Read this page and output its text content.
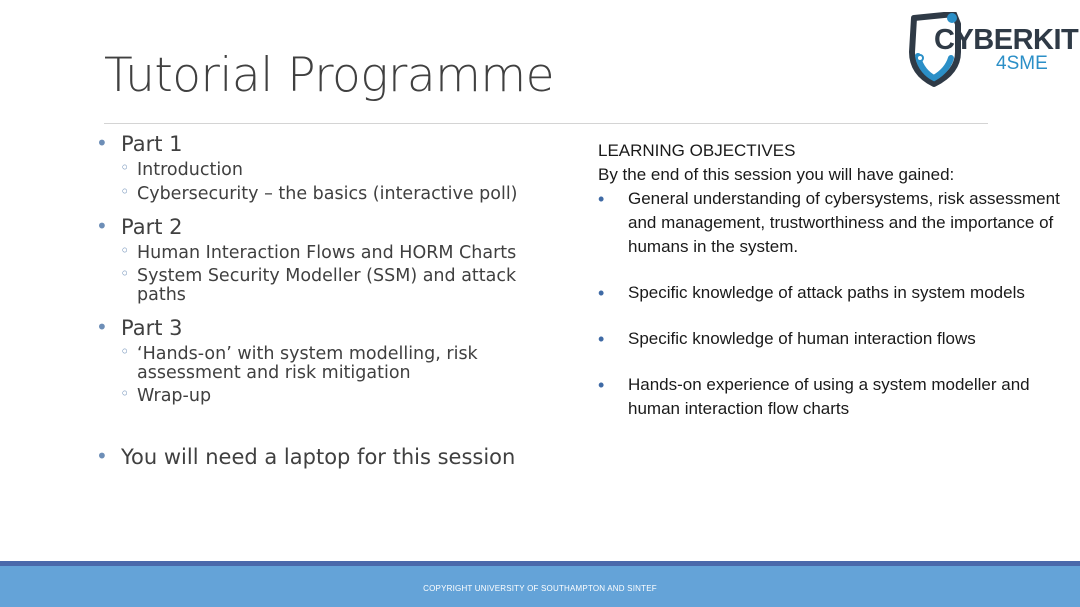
Tutorial Programme
CYBERKIT
4SME
• Part 1
◦ Introduction
◦ Cybersecurity – the basics (interactive poll)
• Part 2
◦ Human Interaction Flows and HORM Charts
◦ System Security Modeller (SSM) and attack paths
• Part 3
◦ ‘Hands-on’ with system modelling, risk assessment and risk mitigation
◦ Wrap-up
• You will need a laptop for this session

LEARNING OBJECTIVES

By the end of this session you will have gained:

• General understanding of cybersystems, risk assessment and management, trustworthiness and the importance of humans in the system.
• Specific knowledge of attack paths in system models
• Specific knowledge of human interaction flows
• Hands-on experience of using a system modeller and human interaction flow charts
COPYRIGHT UNIVERSITY OF SOUTHAMPTON AND SINTEF
